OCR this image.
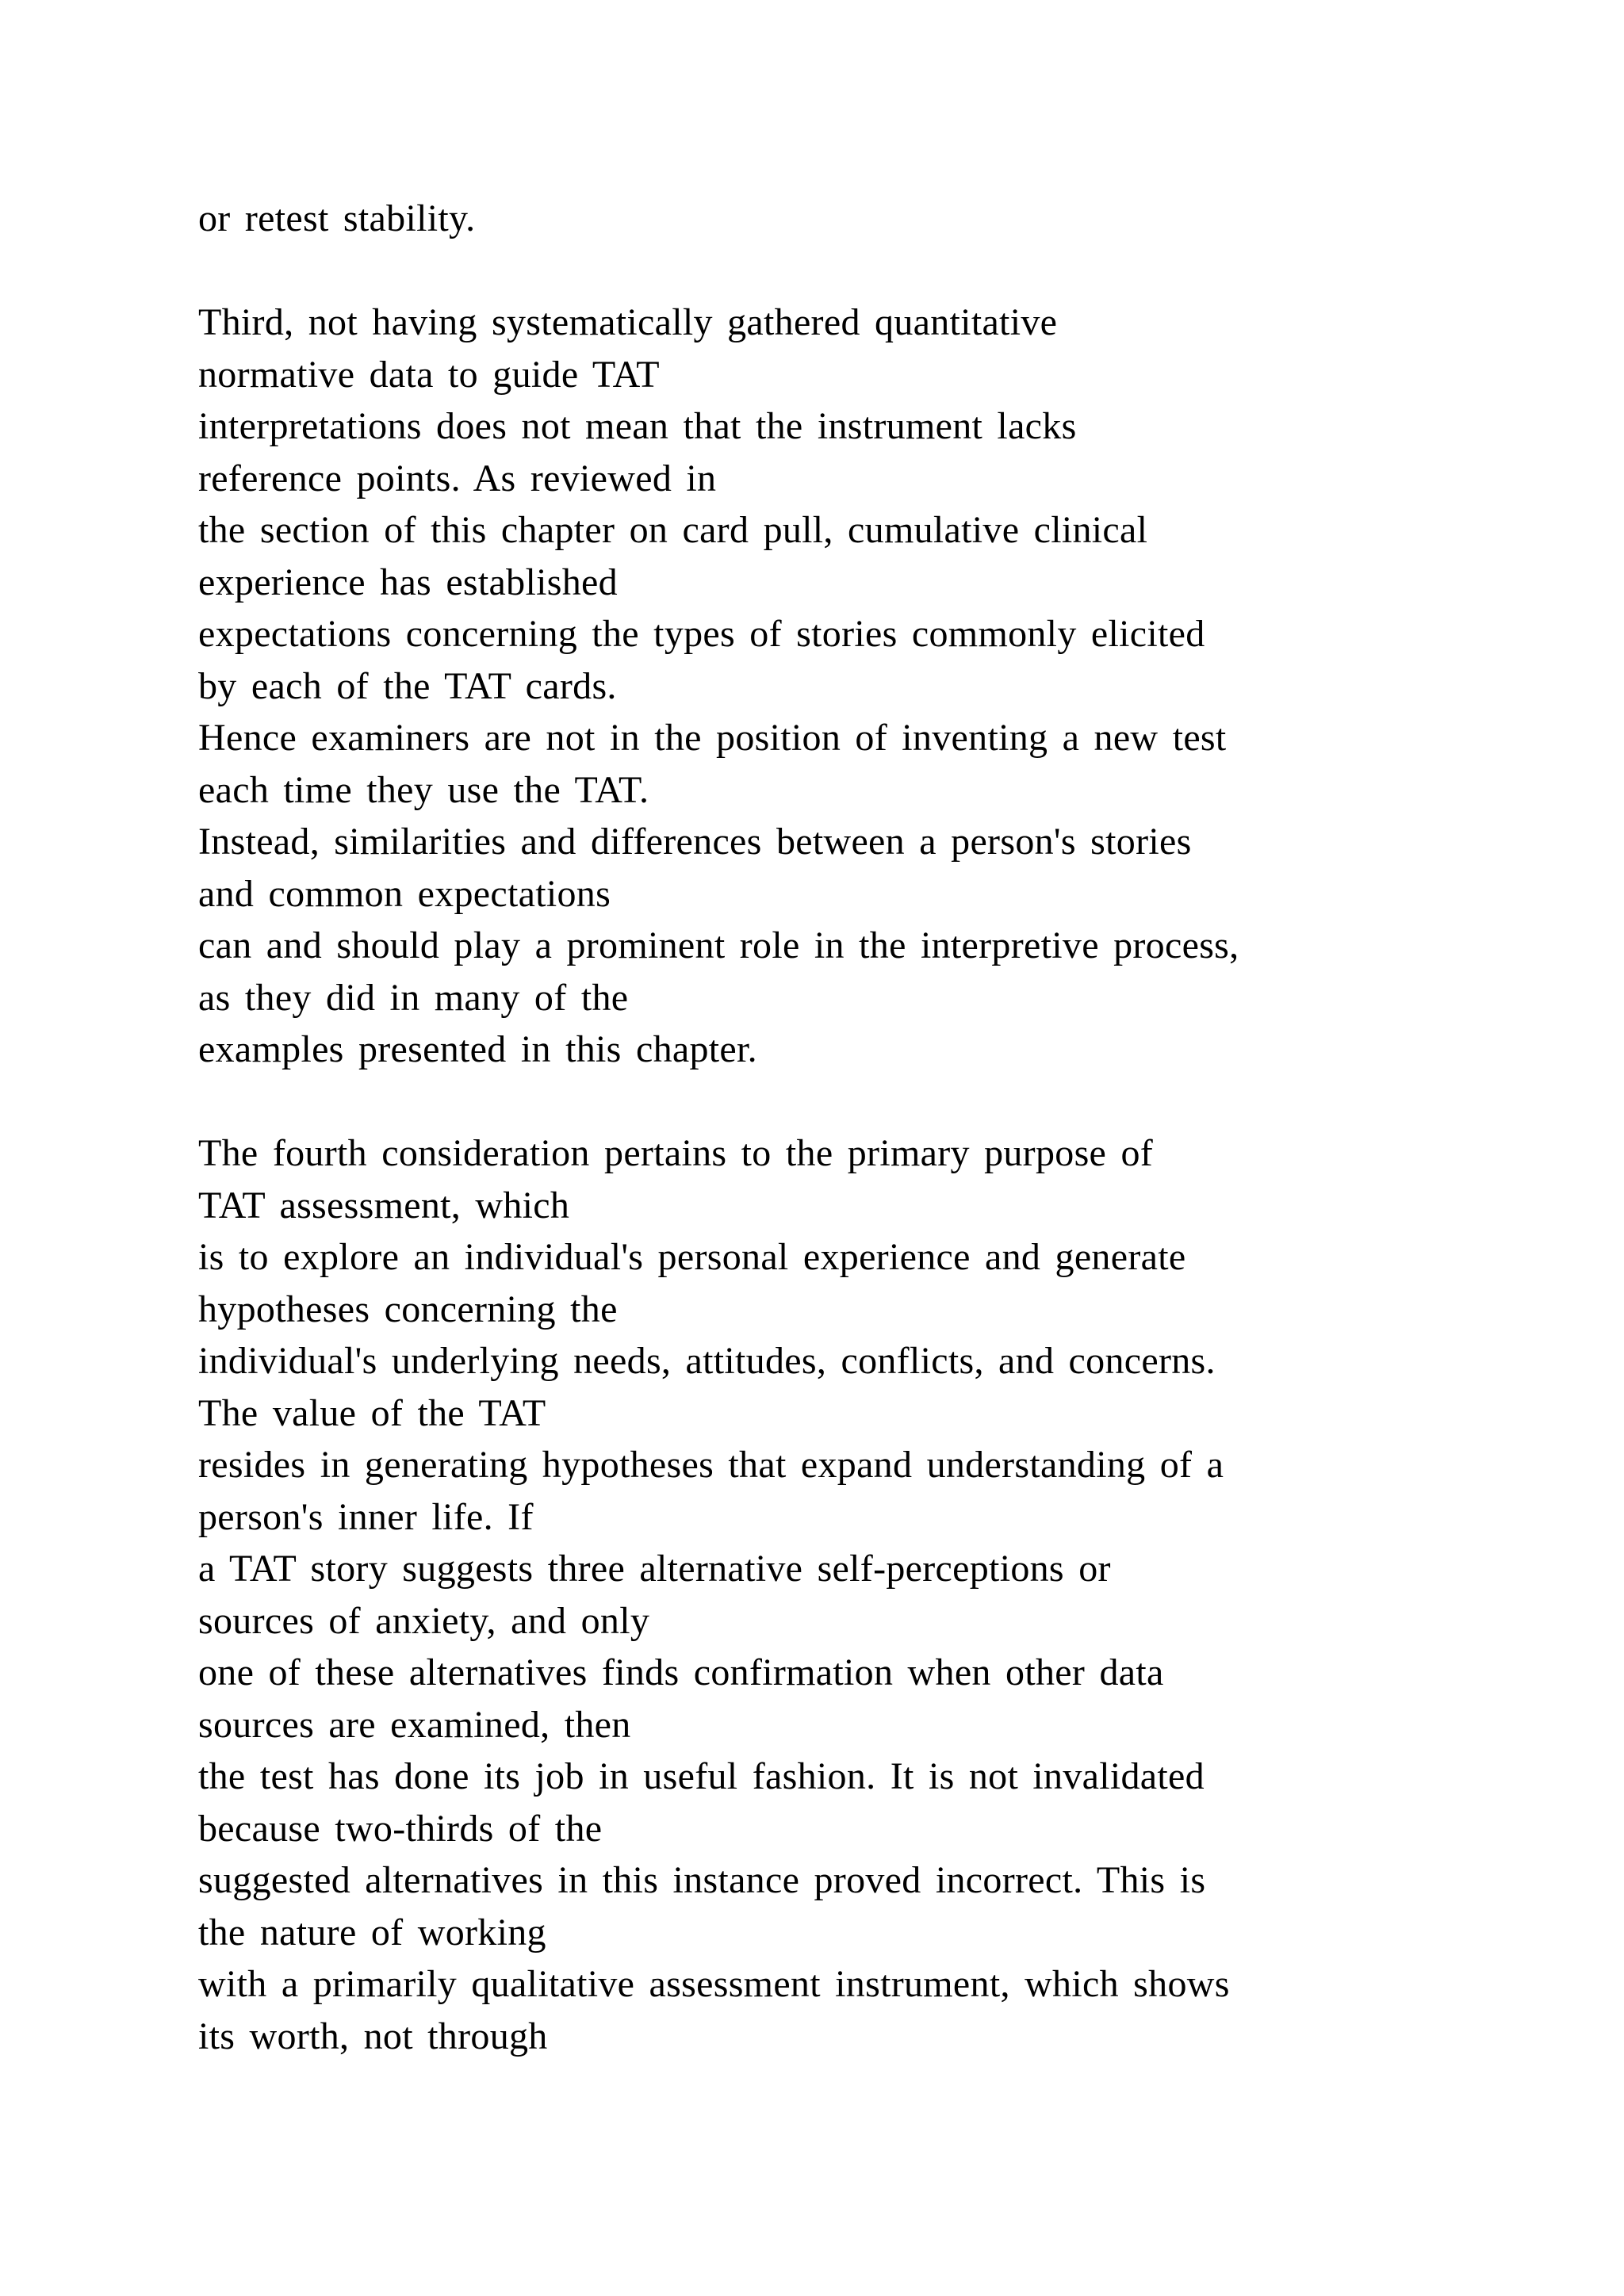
or retest stability.
Third, not having systematically gathered quantitative
normative data to guide TAT
interpretations does not mean that the instrument lacks
reference points. As reviewed in
the section of this chapter on card pull, cumulative clinical
experience has established
expectations concerning the types of stories commonly elicited
by each of the TAT cards.
Hence examiners are not in the position of inventing a new test
each time they use the TAT.
Instead, similarities and differences between a person's stories
and common expectations
can and should play a prominent role in the interpretive process,
as they did in many of the
examples presented in this chapter.
The fourth consideration pertains to the primary purpose of
TAT assessment, which
is to explore an individual's personal experience and generate
hypotheses concerning the
individual's underlying needs, attitudes, conflicts, and concerns.
The value of the TAT
resides in generating hypotheses that expand understanding of a
person's inner life. If
a TAT story suggests three alternative self-perceptions or
sources of anxiety, and only
one of these alternatives finds confirmation when other data
sources are examined, then
the test has done its job in useful fashion. It is not invalidated
because two-thirds of the
suggested alternatives in this instance proved incorrect. This is
the nature of working
with a primarily qualitative assessment instrument, which shows
its worth, not through
